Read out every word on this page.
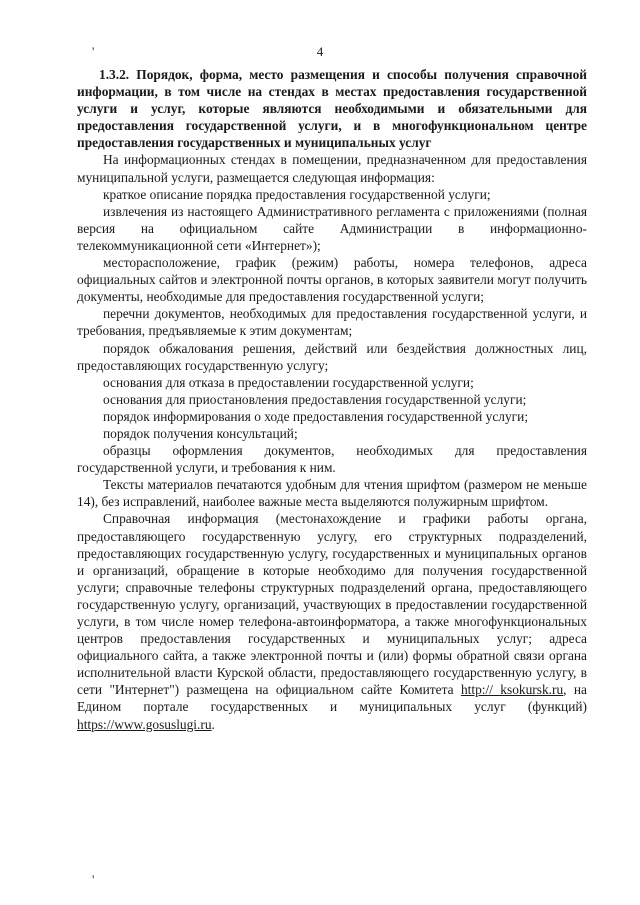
'	4

1.3.2. Порядок, форма, место размещения и способы получения справочной информации, в том числе на стендах в местах предоставления государственной услуги и услуг, которые являются необходимыми и обязательными для предоставления государственной услуги, и в многофункциональном центре предоставления государственных и муниципальных услуг

На информационных стендах в помещении, предназначенном для предоставления муниципальной услуги, размещается следующая информация:

краткое описание порядка предоставления государственной услуги;

извлечения из настоящего Административного регламента с приложениями (полная версия на официальном сайте Администрации в информационно-телекоммуникационной сети «Интернет»);

месторасположение, график (режим) работы, номера телефонов, адреса официальных сайтов и электронной почты органов, в которых заявители могут получить документы, необходимые для предоставления государственной услуги;

перечни документов, необходимых для предоставления государственной услуги, и требования, предъявляемые к этим документам;

порядок обжалования решения, действий или бездействия должностных лиц, предоставляющих государственную услугу;

основания для отказа в предоставлении государственной услуги;

основания для приостановления предоставления государственной услуги;

порядок информирования о ходе предоставления государственной услуги;

порядок получения консультаций;

образцы оформления документов, необходимых для предоставления государственной услуги, и требования к ним.

Тексты материалов печатаются удобным для чтения шрифтом (размером не меньше 14), без исправлений, наиболее важные места выделяются полужирным шрифтом.

Справочная информация (местонахождение и графики работы органа, предоставляющего государственную услугу, его структурных подразделений, предоставляющих государственную услугу, государственных и муниципальных органов и организаций, обращение в которые необходимо для получения государственной услуги; справочные телефоны структурных подразделений органа, предоставляющего государственную услугу, организаций, участвующих в предоставлении государственной услуги, в том числе номер телефона-автоинформатора, а также многофункциональных центров предоставления государственных и муниципальных услуг; адреса официального сайта, а также электронной почты и (или) формы обратной связи органа исполнительной власти Курской области, предоставляющего государственную услугу, в сети "Интернет") размещена на официальном сайте Комитета http:// ksokursk.ru, на Едином портале государственных и муниципальных услуг (функций) https://www.gosuslugi.ru.

'
